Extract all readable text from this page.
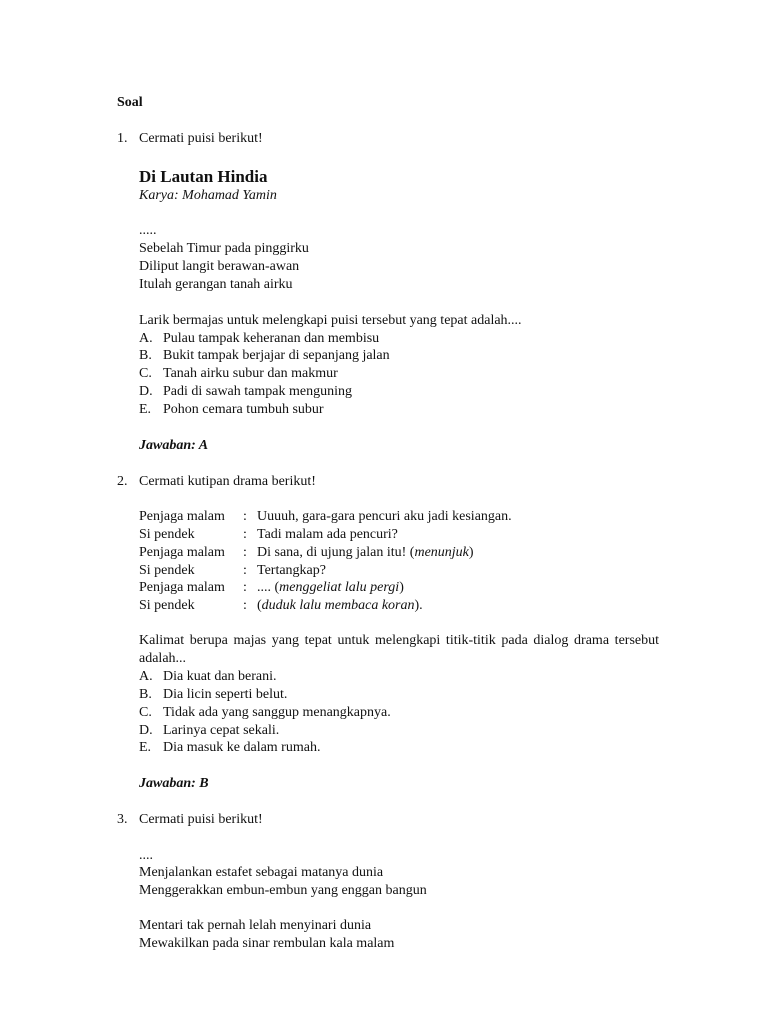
Soal
1. Cermati puisi berikut!
Di Lautan Hindia
Karya: Mohamad Yamin
.....
Sebelah Timur pada pinggirku
Diliput langit berawan-awan
Itulah gerangan tanah airku
Larik bermajas untuk melengkapi puisi tersebut yang tepat adalah....
A. Pulau tampak keheranan dan membisu
B. Bukit tampak berjajar di sepanjang jalan
C. Tanah airku subur dan makmur
D. Padi di sawah tampak menguning
E. Pohon cemara tumbuh subur
Jawaban: A
2. Cermati kutipan drama berikut!
Penjaga malam : Uuuuh, gara-gara pencuri aku jadi kesiangan.
Si pendek	: Tadi malam ada pencuri?
Penjaga malam : Di sana, di ujung jalan itu! (menunjuk)
Si pendek	: Tertangkap?
Penjaga malam : .... (menggeliat lalu pergi)
Si pendek	: (duduk lalu membaca koran).
Kalimat berupa majas yang tepat untuk melengkapi titik-titik pada dialog drama tersebut adalah...
A. Dia kuat dan berani.
B. Dia licin seperti belut.
C. Tidak ada yang sanggup menangkapnya.
D. Larinya cepat sekali.
E. Dia masuk ke dalam rumah.
Jawaban: B
3. Cermati puisi berikut!
....
Menjalankan estafet sebagai matanya dunia
Menggerakkan embun-embun yang enggan bangun
Mentari tak pernah lelah menyinari dunia
Mewakilkan pada sinar rembulan kala malam
